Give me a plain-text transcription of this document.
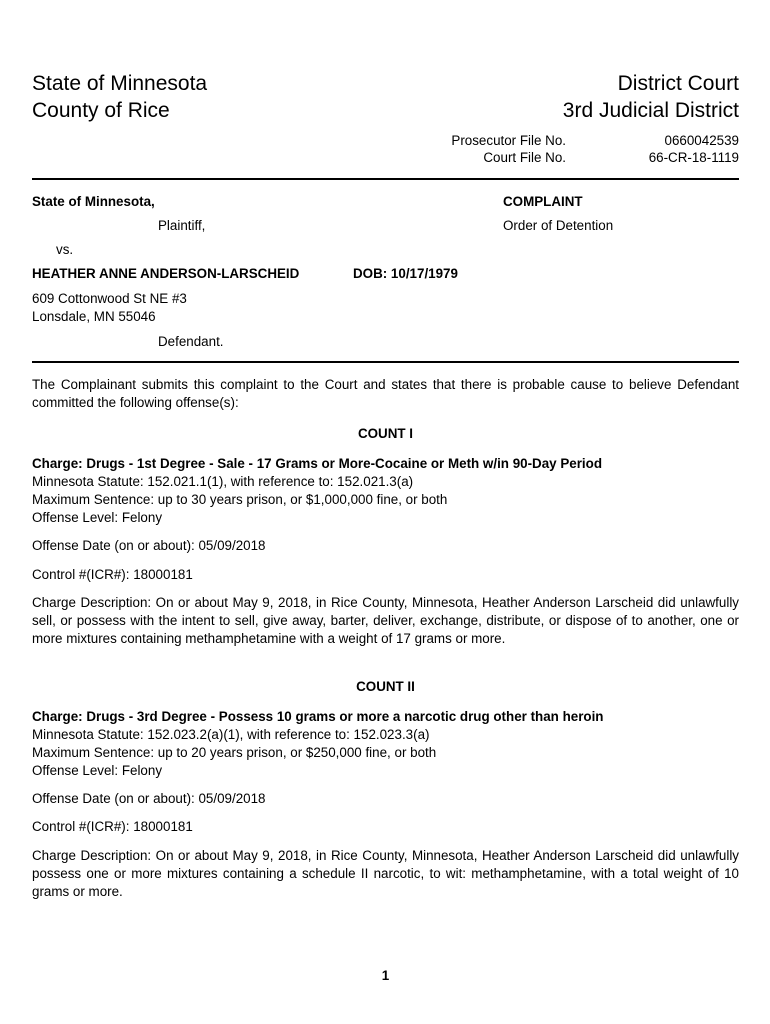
State of Minnesota
County of Rice
District Court
3rd Judicial District
Prosecutor File No.	0660042539
Court File No.	66-CR-18-1119
State of Minnesota,
Plaintiff,
vs.
HEATHER ANNE ANDERSON-LARSCHEID	DOB: 10/17/1979
609 Cottonwood St NE #3
Lonsdale, MN 55046
Defendant.
COMPLAINT
Order of Detention
The Complainant submits this complaint to the Court and states that there is probable cause to believe Defendant committed the following offense(s):
COUNT I
Charge: Drugs - 1st Degree - Sale - 17 Grams or More-Cocaine or Meth w/in 90-Day Period
Minnesota Statute: 152.021.1(1), with reference to: 152.021.3(a)
Maximum Sentence: up to 30 years prison, or $1,000,000 fine, or both
Offense Level: Felony
Offense Date (on or about): 05/09/2018
Control #(ICR#): 18000181
Charge Description: On or about May 9, 2018, in Rice County, Minnesota, Heather Anderson Larscheid did unlawfully sell, or possess with the intent to sell, give away, barter, deliver, exchange, distribute, or dispose of to another, one or more mixtures containing methamphetamine with a weight of 17 grams or more.
COUNT II
Charge: Drugs - 3rd Degree - Possess 10 grams or more a narcotic drug other than heroin
Minnesota Statute: 152.023.2(a)(1), with reference to: 152.023.3(a)
Maximum Sentence: up to 20 years prison, or $250,000 fine, or both
Offense Level: Felony
Offense Date (on or about): 05/09/2018
Control #(ICR#): 18000181
Charge Description: On or about May 9, 2018, in Rice County, Minnesota, Heather Anderson Larscheid did unlawfully possess one or more mixtures containing a schedule II narcotic, to wit: methamphetamine, with a total weight of 10 grams or more.
1
